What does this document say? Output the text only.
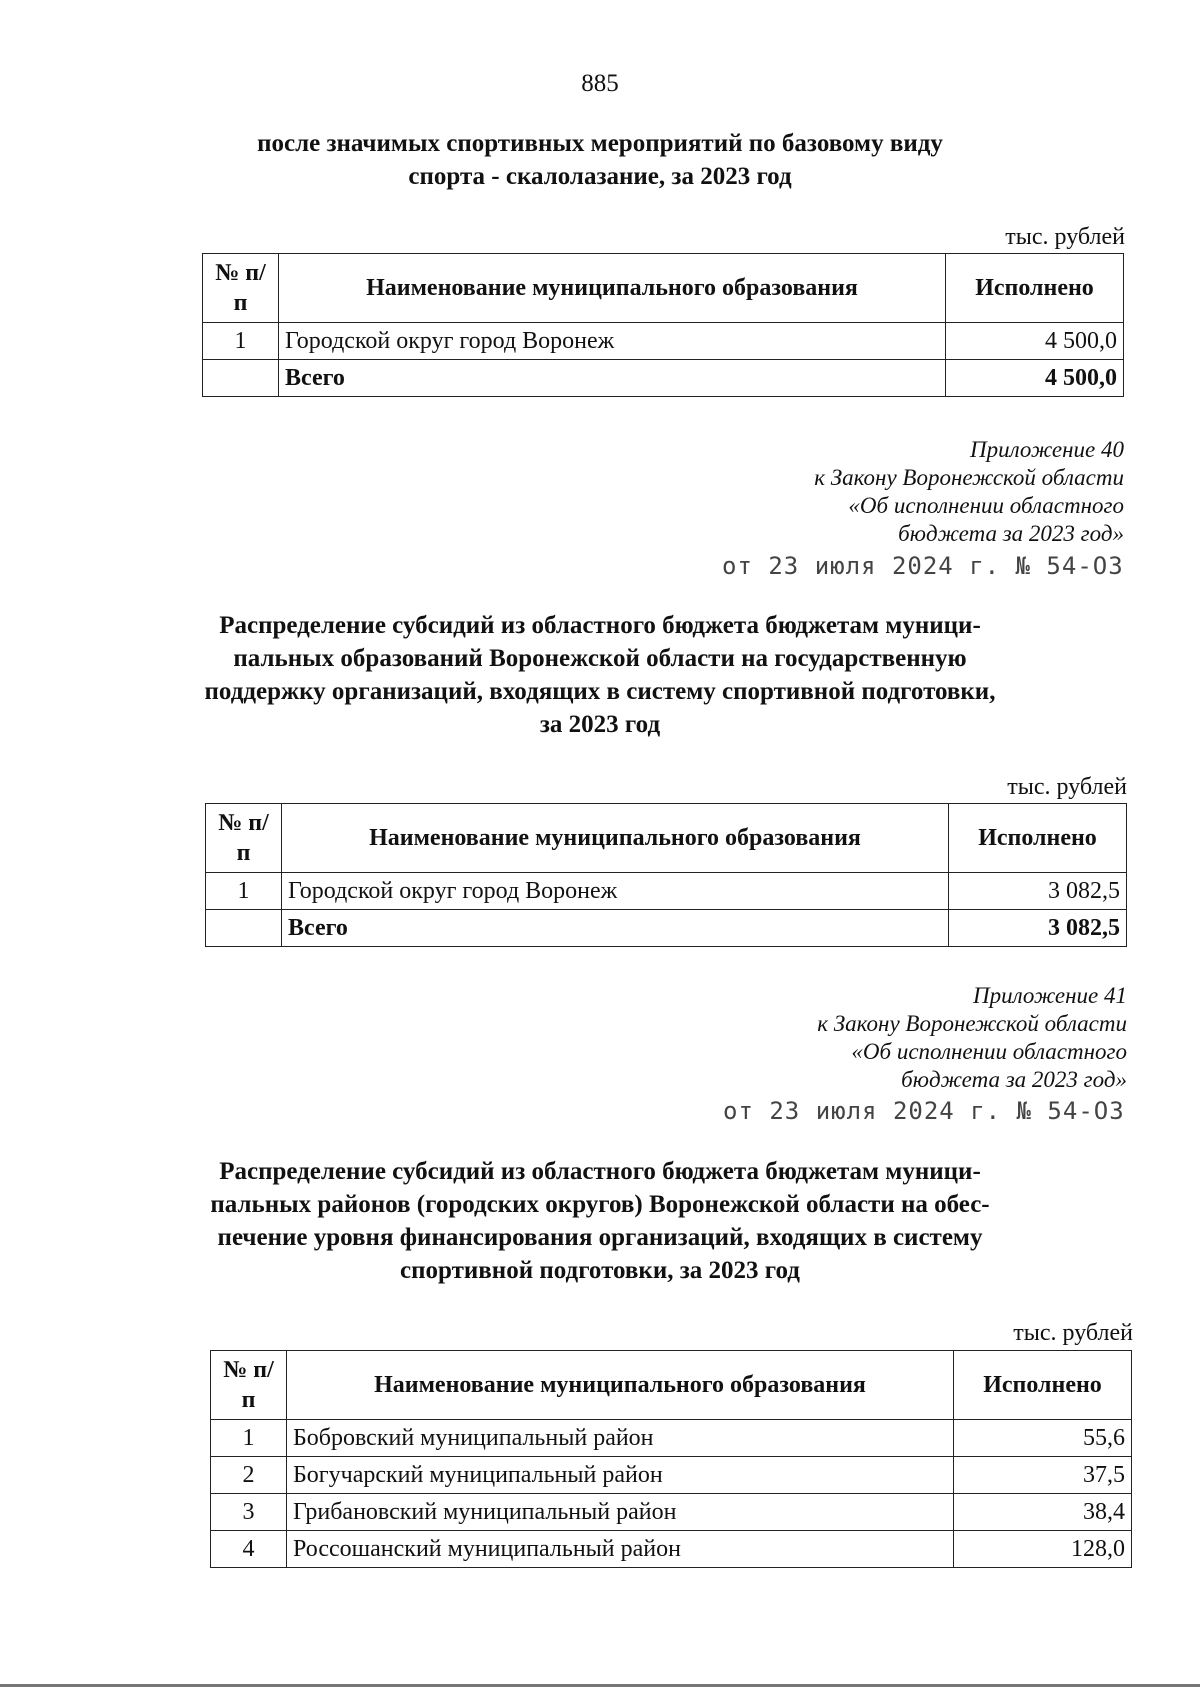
885
после значимых спортивных мероприятий по базовому виду
спорта - скалолазание, за 2023 год
тыс. рублей
№ п/п	Наименование муниципального образования	Исполнено
1	Городской округ город Воронеж	4 500,0
	Всего	4 500,0
Приложение 40
к Закону Воронежской области
«Об исполнении областного
бюджета за 2023 год»
от 23 июля 2024 г. № 54-ОЗ
Распределение субсидий из областного бюджета бюджетам муници-
пальных образований Воронежской области на государственную
поддержку организаций, входящих в систему спортивной подготовки,
за 2023 год
тыс. рублей
№ п/п	Наименование муниципального образования	Исполнено
1	Городской округ город Воронеж	3 082,5
	Всего	3 082,5
Приложение 41
к Закону Воронежской области
«Об исполнении областного
бюджета за 2023 год»
от 23 июля 2024 г. № 54-ОЗ
Распределение субсидий из областного бюджета бюджетам муници-
пальных районов (городских округов) Воронежской области на обес-
печение уровня финансирования организаций, входящих в систему
спортивной подготовки, за 2023 год
тыс. рублей
№ п/п	Наименование муниципального образования	Исполнено
1	Бобровский муниципальный район	55,6
2	Богучарский муниципальный район	37,5
3	Грибановский муниципальный район	38,4
4	Россошанский муниципальный район	128,0
